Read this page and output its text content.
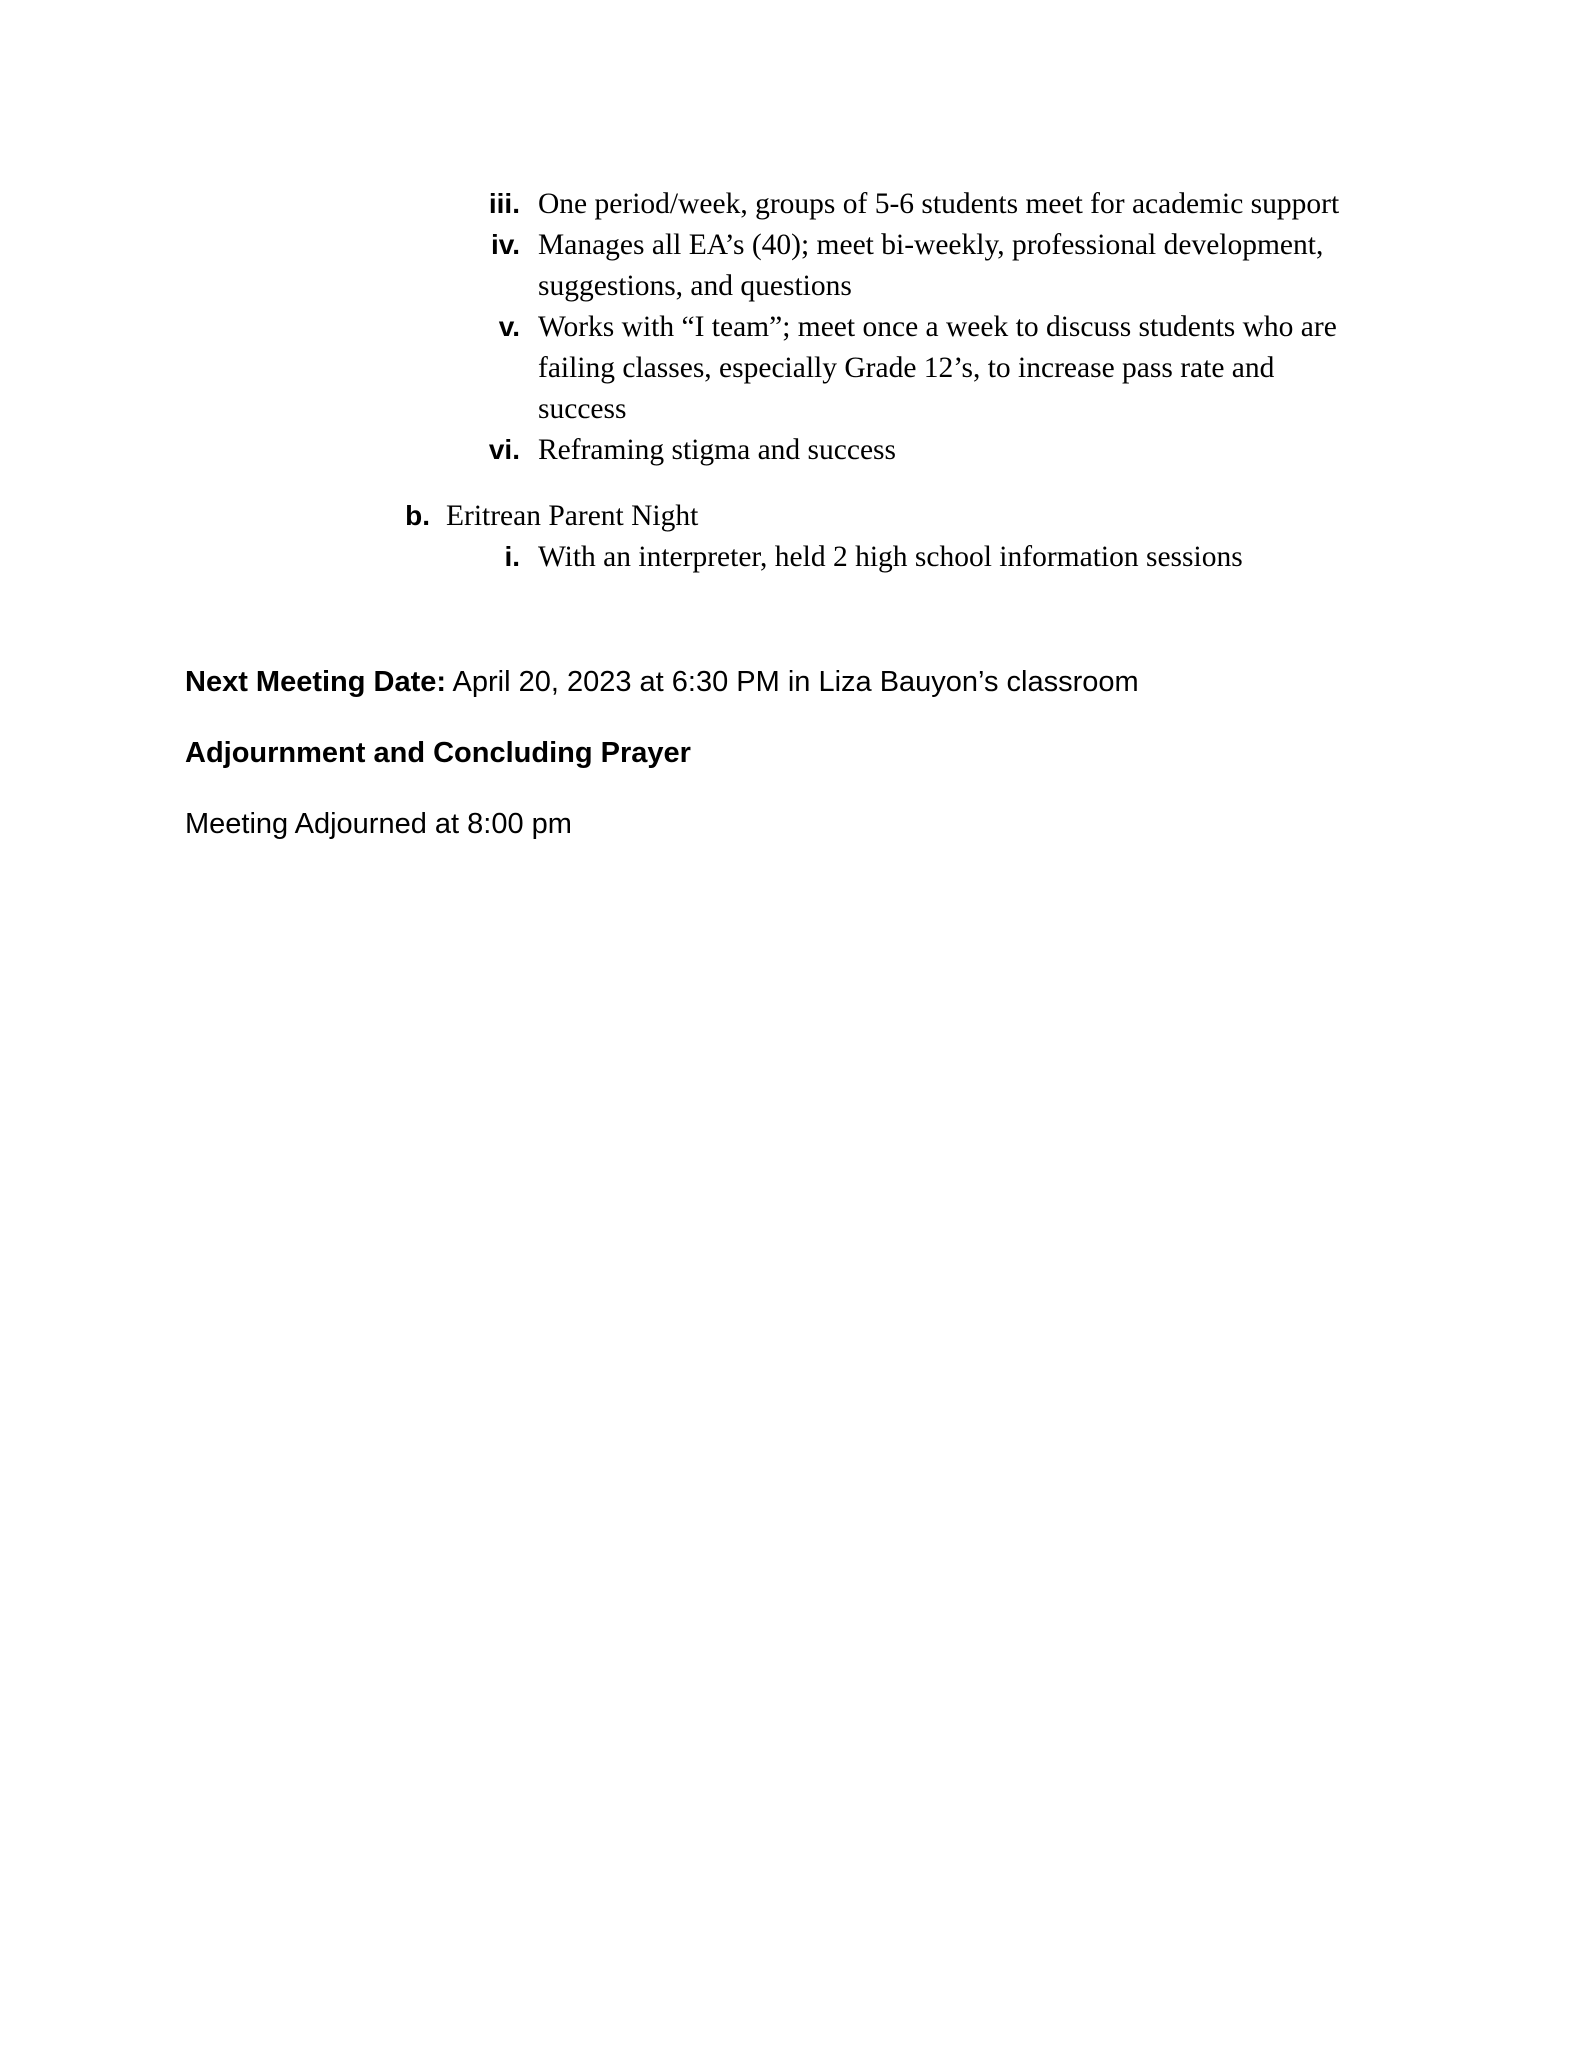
iii. One period/week, groups of 5-6 students meet for academic support
iv. Manages all EA’s (40); meet bi-weekly, professional development,
suggestions, and questions
v. Works with “I team”; meet once a week to discuss students who are
failing classes, especially Grade 12’s, to increase pass rate and
success
vi. Reframing stigma and success
b. Eritrean Parent Night
i. With an interpreter, held 2 high school information sessions
Next Meeting Date: April 20, 2023 at 6:30 PM in Liza Bauyon’s classroom
Adjournment and Concluding Prayer
Meeting Adjourned at 8:00 pm
